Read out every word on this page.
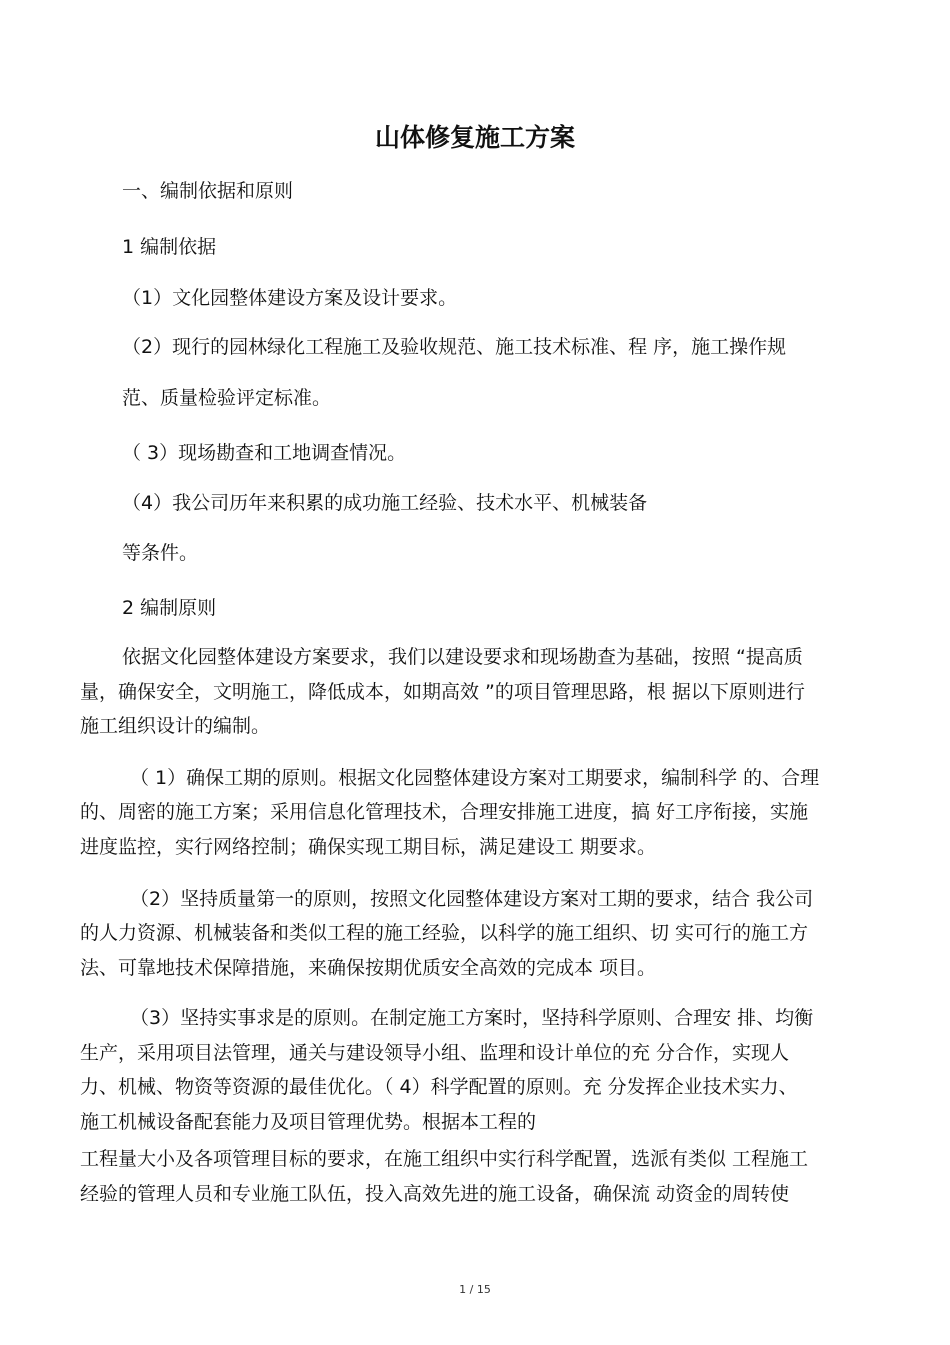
山体修复施工方案
一、编制依据和原则
1 编制依据
（1）文化园整体建设方案及设计要求。
（2）现行的园林绿化工程施工及验收规范、施工技术标准、程 序，施工操作规
范、质量检验评定标准。
（ 3）现场勘查和工地调查情况。
（4）我公司历年来积累的成功施工经验、技术水平、机械装备
等条件。
2 编制原则
依据文化园整体建设方案要求，我们以建设要求和现场勘查为基础，按照 “提高质
量，确保安全，文明施工，降低成本，如期高效 ”的项目管理思路，根 据以下原则进行
施工组织设计的编制。
（ 1）确保工期的原则。根据文化园整体建设方案对工期要求，编制科学 的、合理
的、周密的施工方案；采用信息化管理技术，合理安排施工进度，搞 好工序衔接，实施
进度监控，实行网络控制；确保实现工期目标，满足建设工 期要求。
（2）坚持质量第一的原则，按照文化园整体建设方案对工期的要求，结合 我公司
的人力资源、机械装备和类似工程的施工经验，以科学的施工组织、切 实可行的施工方
法、可靠地技术保障措施，来确保按期优质安全高效的完成本 项目。
（3）坚持实事求是的原则。在制定施工方案时，坚持科学原则、合理安 排、均衡
生产，采用项目法管理，通关与建设领导小组、监理和设计单位的充 分合作，实现人
力、机械、物资等资源的最佳优化。（ 4）科学配置的原则。充 分发挥企业技术实力、
施工机械设备配套能力及项目管理优势。根据本工程的
工程量大小及各项管理目标的要求，在施工组织中实行科学配置，选派有类似 工程施工
经验的管理人员和专业施工队伍，投入高效先进的施工设备，确保流 动资金的周转使
1 / 15
